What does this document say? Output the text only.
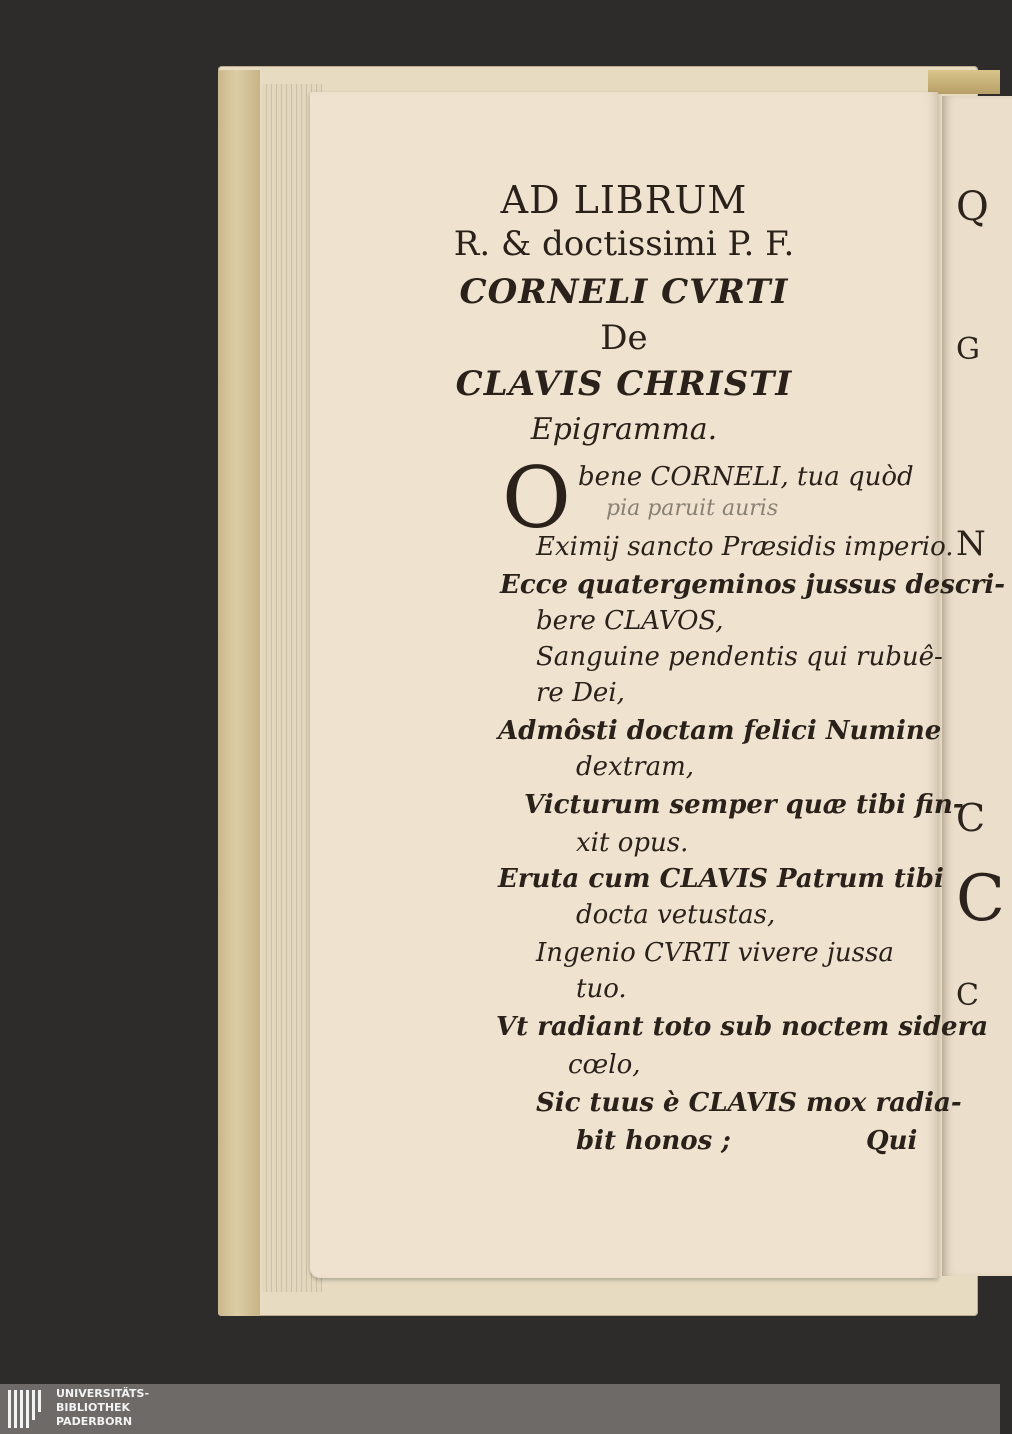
Q
G
N
C
C
C
AD LIBRUM
R. & doctissimi P. F.
CORNELI CVRTI
De
CLAVIS CHRISTI
Epigramma.
O bene CORNELI, tua quòd
pia paruit auris
Eximij sancto Præsidis imperio.
Ecce quatergeminos jussus descri-
bere CLAVOS,
Sanguine pendentis qui rubuê-
re Dei,
Admôsti doctam felici Numine
dextram,
Victurum semper quæ tibi fin-
xit opus.
Eruta cum CLAVIS Patrum tibi
docta vetustas,
Ingenio CVRTI vivere jussa
tuo.
Vt radiant toto sub noctem sidera
cœlo,
Sic tuus è CLAVIS mox radia-
bit honos ;	Qui
UNIVERSITÄTS-
BIBLIOTHEK
PADERBORN
